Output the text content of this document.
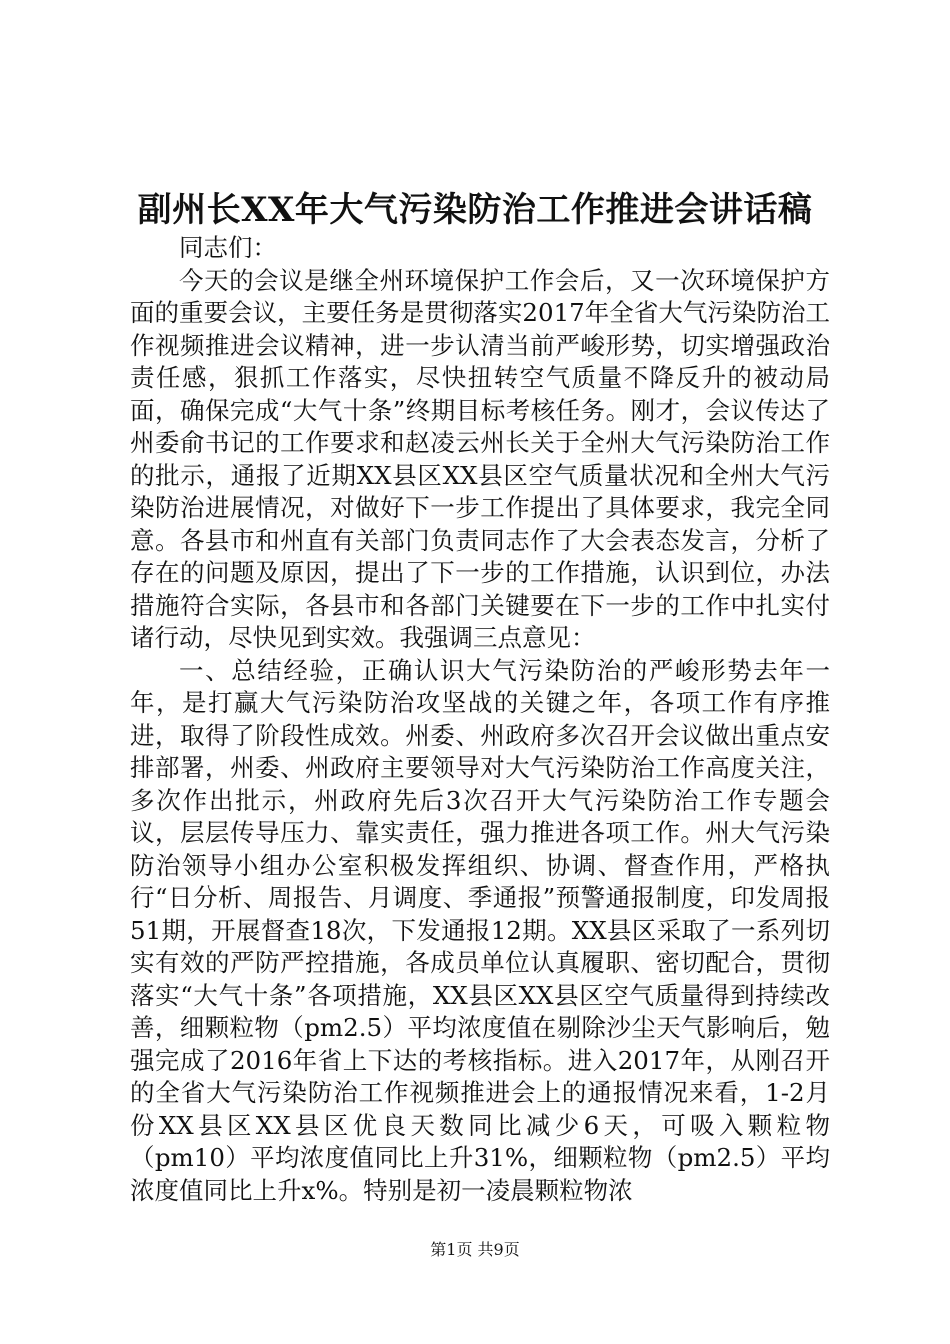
副州长XX年大气污染防治工作推进会讲话稿

同志们：

今天的会议是继全州环境保护工作会后，又一次环境保护方面的重要会议，主要任务是贯彻落实2017年全省大气污染防治工作视频推进会议精神，进一步认清当前严峻形势，切实增强政治责任感，狠抓工作落实，尽快扭转空气质量不降反升的被动局面，确保完成“大气十条”终期目标考核任务。刚才，会议传达了州委俞书记的工作要求和赵凌云州长关于全州大气污染防治工作的批示，通报了近期XX县区XX县区空气质量状况和全州大气污染防治进展情况，对做好下一步工作提出了具体要求，我完全同意。各县市和州直有关部门负责同志作了大会表态发言，分析了存在的问题及原因，提出了下一步的工作措施，认识到位，办法措施符合实际，各县市和各部门关键要在下一步的工作中扎实付诸行动，尽快见到实效。我强调三点意见：

一、总结经验，正确认识大气污染防治的严峻形势去年一年，是打赢大气污染防治攻坚战的关键之年，各项工作有序推进，取得了阶段性成效。州委、州政府多次召开会议做出重点安排部署，州委、州政府主要领导对大气污染防治工作高度关注，多次作出批示，州政府先后3次召开大气污染防治工作专题会议，层层传导压力、靠实责任，强力推进各项工作。州大气污染防治领导小组办公室积极发挥组织、协调、督查作用，严格执行“日分析、周报告、月调度、季通报”预警通报制度，印发周报51期，开展督查18次，下发通报12期。XX县区采取了一系列切实有效的严防严控措施，各成员单位认真履职、密切配合，贯彻落实“大气十条”各项措施，XX县区XX县区空气质量得到持续改善，细颗粒物（pm2.5）平均浓度值在剔除沙尘天气影响后，勉强完成了2016年省上下达的考核指标。进入2017年，从刚召开的全省大气污染防治工作视频推进会上的通报情况来看，1-2月份XX县区XX县区优良天数同比减少6天，可吸入颗粒物（pm10）平均浓度值同比上升31%，细颗粒物（pm2.5）平均浓度值同比上升x%。特别是初一凌晨颗粒物浓

第1页 共9页
